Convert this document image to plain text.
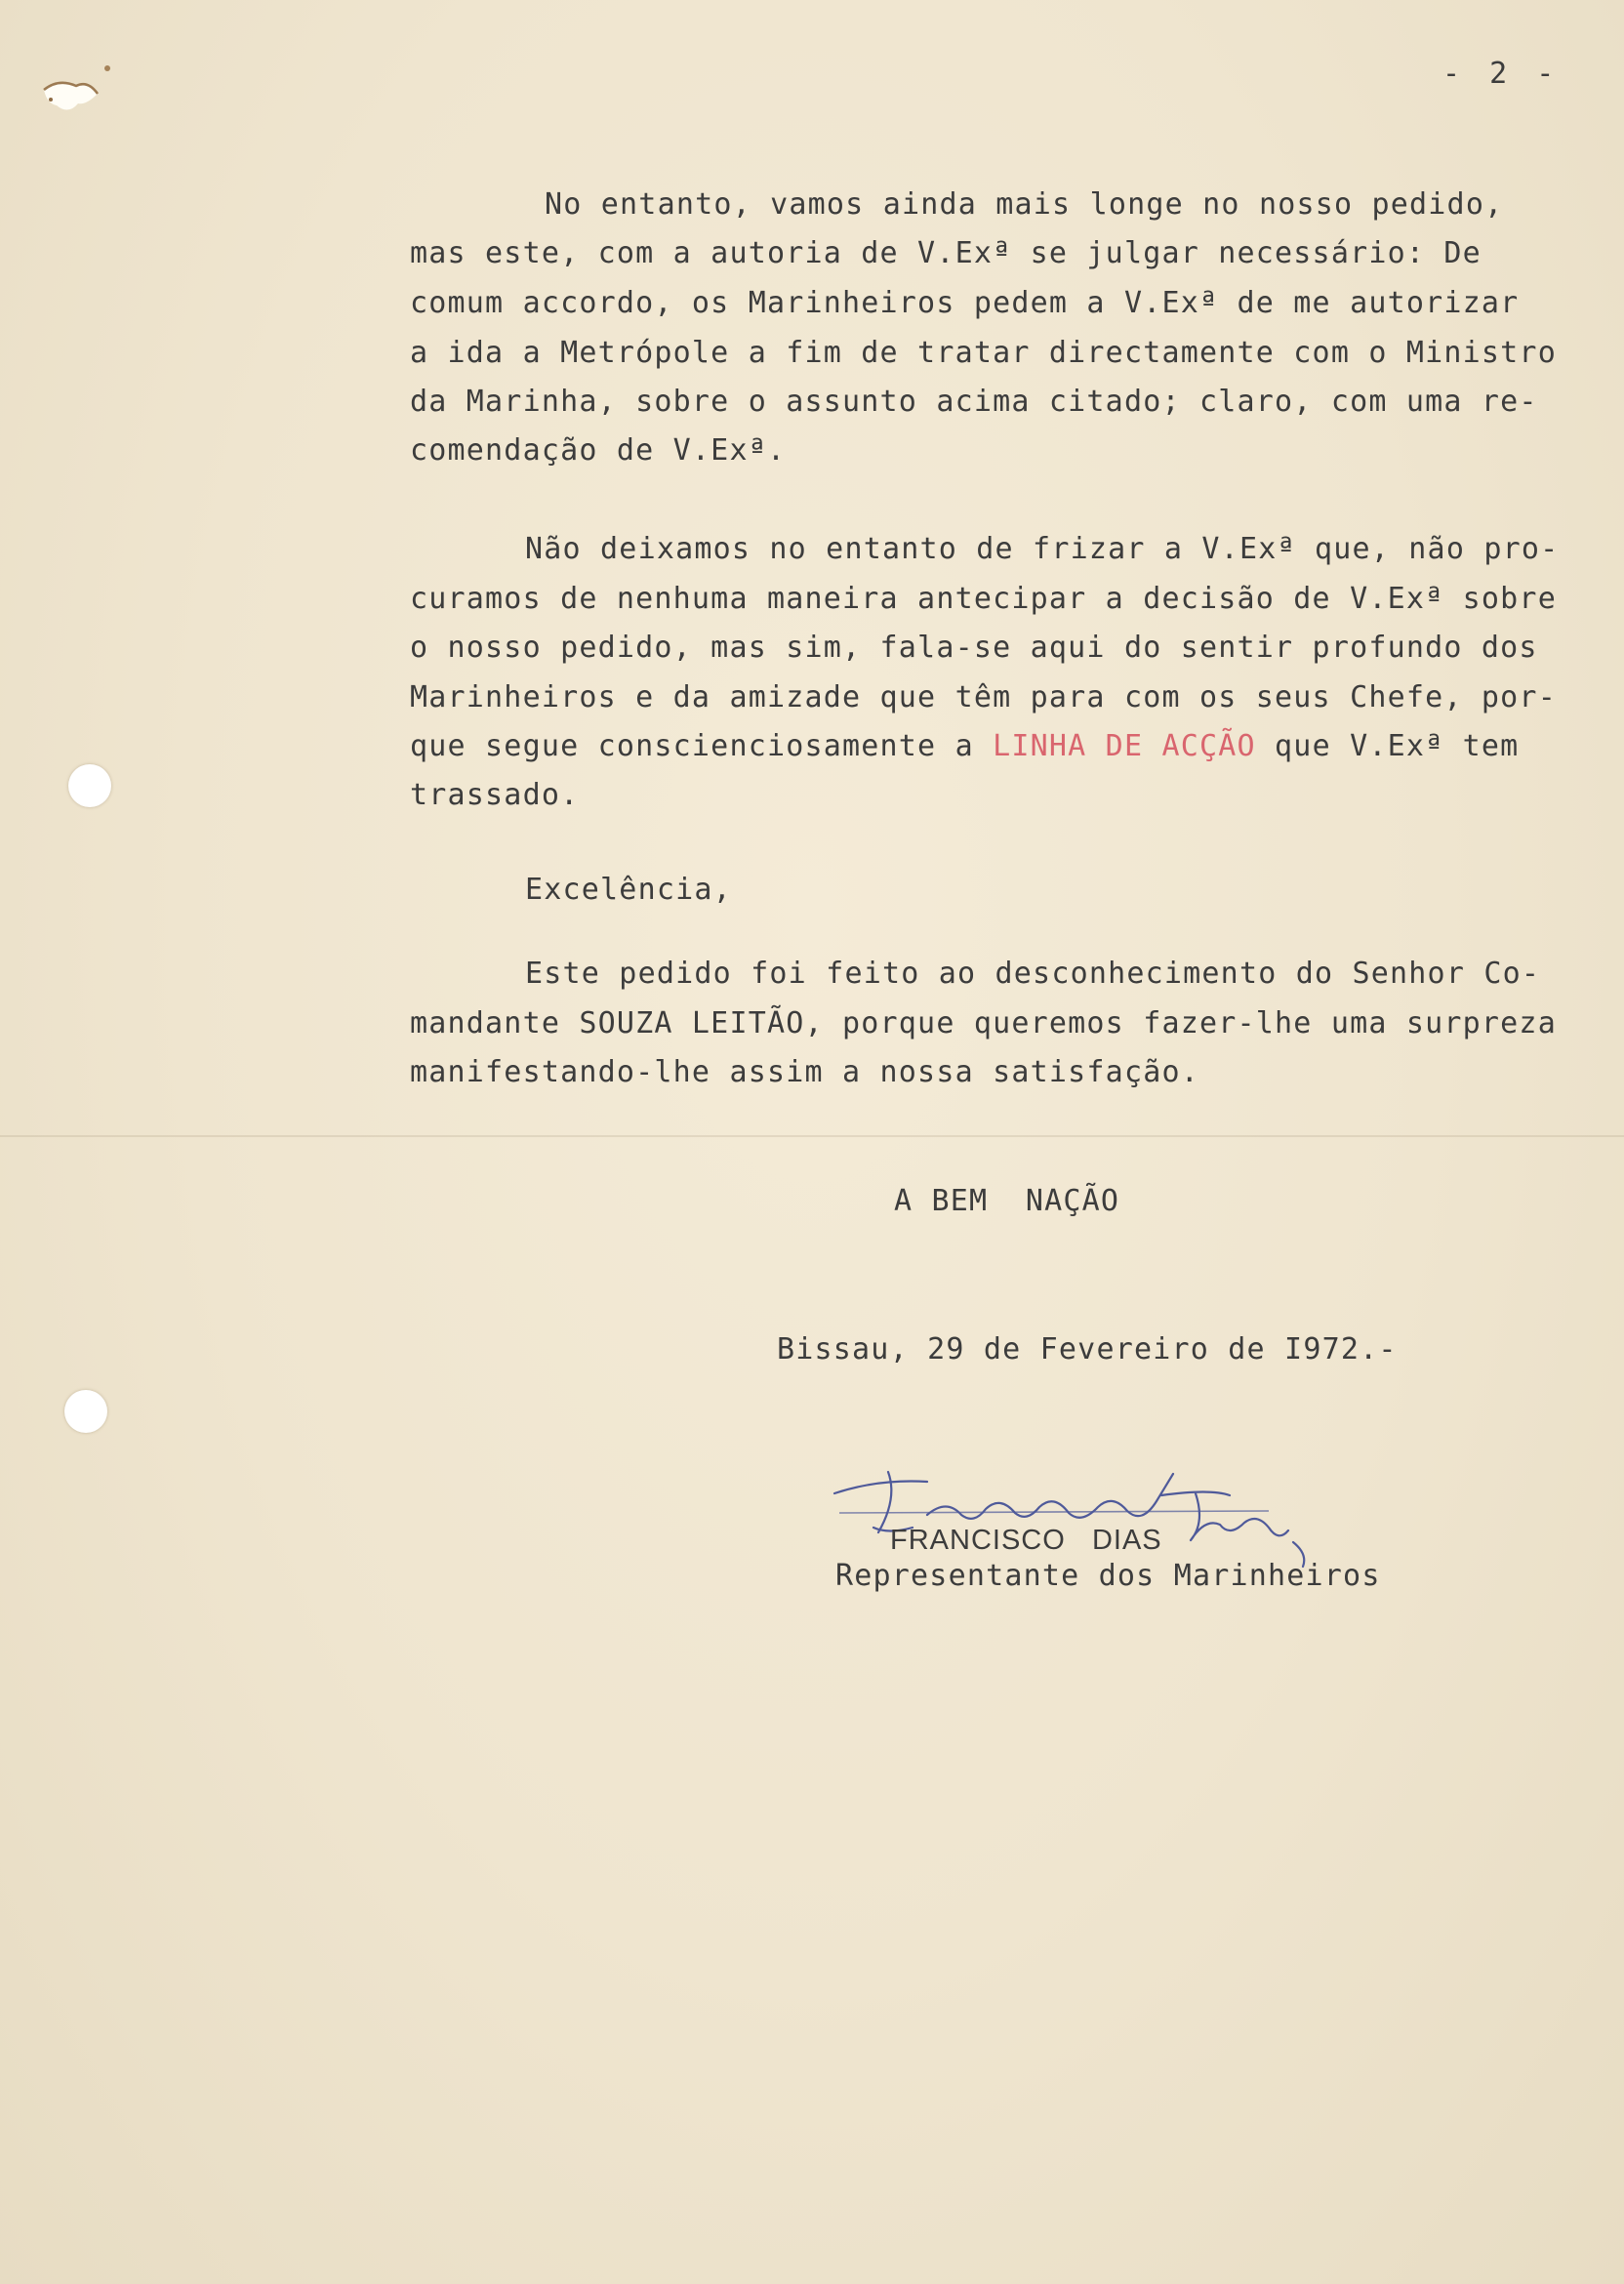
- 2 -
No entanto, vamos ainda mais longe no nosso pedido,
mas este, com a autoria de V.Exª se julgar necessário: De
comum accordo, os Marinheiros pedem a V.Exª de me autorizar
a ida a Metrópole a fim de tratar directamente com o Ministro
da Marinha, sobre o assunto acima citado; claro, com uma re-
comendação de V.Exª.
Não deixamos no entanto de frizar a V.Exª que, não pro-
curamos de nenhuma maneira antecipar a decisão de V.Exª sobre
o nosso pedido, mas sim, fala-se aqui do sentir profundo dos
Marinheiros e da amizade que têm para com os seus Chefe, por-
que segue conscienciosamente a LINHA DE ACÇÃO que V.Exª tem
trassado.
Excelência,
Este pedido foi feito ao desconhecimento do Senhor Co-
mandante SOUZA LEITÃO, porque queremos fazer-lhe uma surpreza
manifestando-lhe assim a nossa satisfação.
A BEM  NAÇÃO
Bissau, 29 de Fevereiro de I972.-
FRANCISCO   DIAS
Representante dos Marinheiros
